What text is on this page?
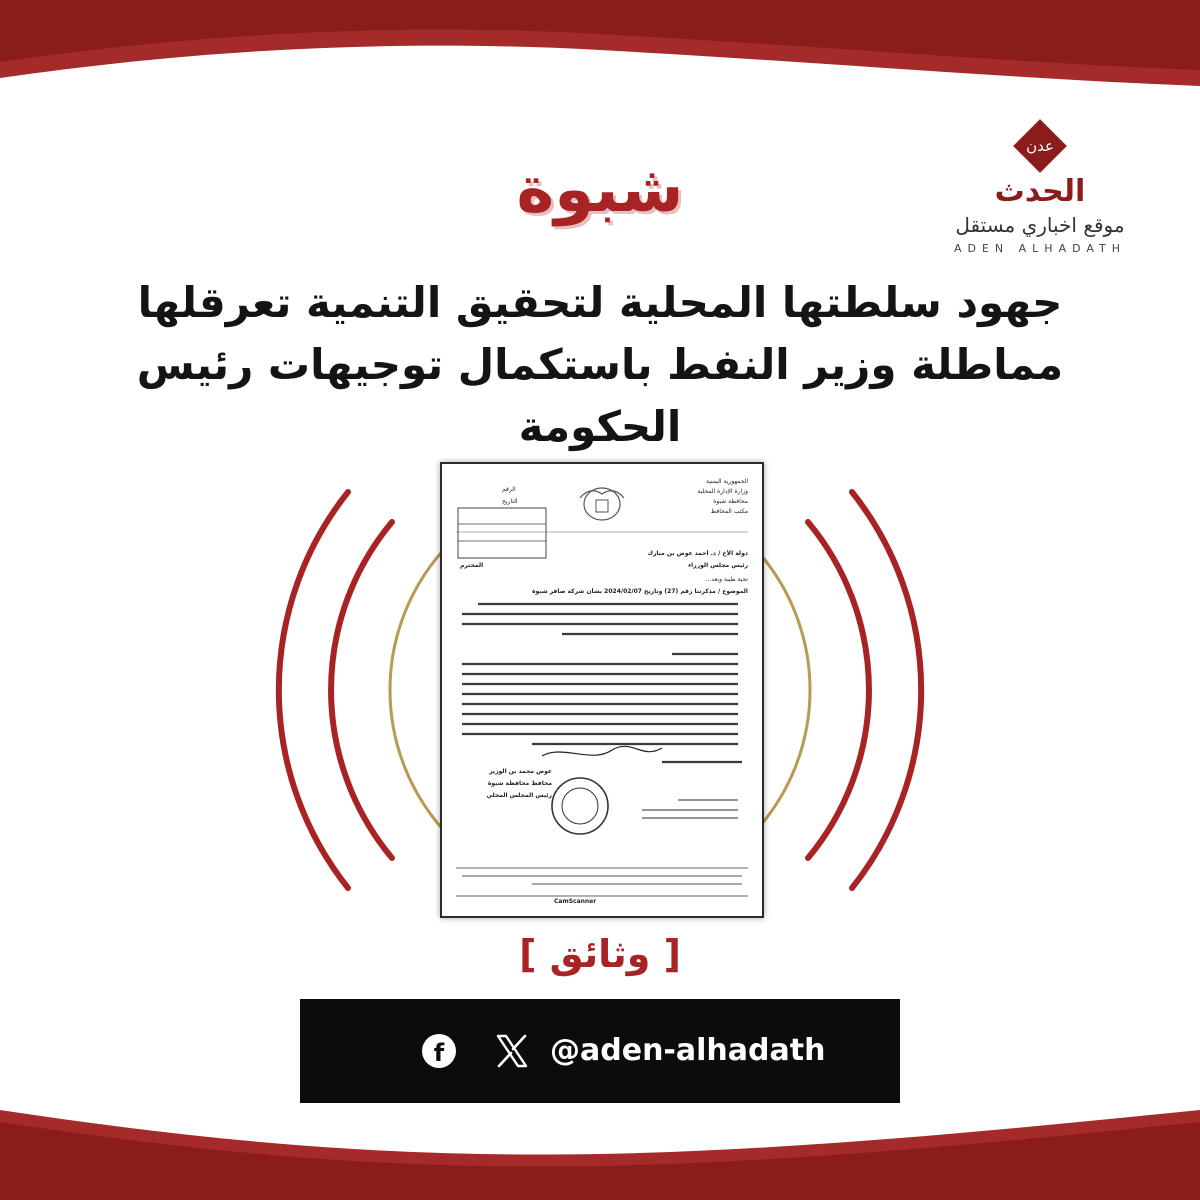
عدن
الحدث
موقع اخباري مستقل
ADEN ALHADATH
شبوة
جهود سلطتها المحلية لتحقيق التنمية تعرقلها مماطلة وزير النفط باستكمال توجيهات رئيس الحكومة
الجمهورية اليمنية
وزارة الإدارة المحلية
محافظة شبوة
مكتب المحافظ
الرقم
التاريخ
دولة الأخ / د. أحمد عوض بن مبارك
رئيس مجلس الوزراء
المحترم
تحية طيبة وبعد...
الموضوع / مذكرتنا رقم (27) وتاريخ 2024/02/07 بشأن شركة صافر شبوة
عوض محمد بن الوزير
محافظ محافظة شبوة
رئيس المجلس المحلي
CamScanner
[ وثائق ]
f	@aden-alhadath
